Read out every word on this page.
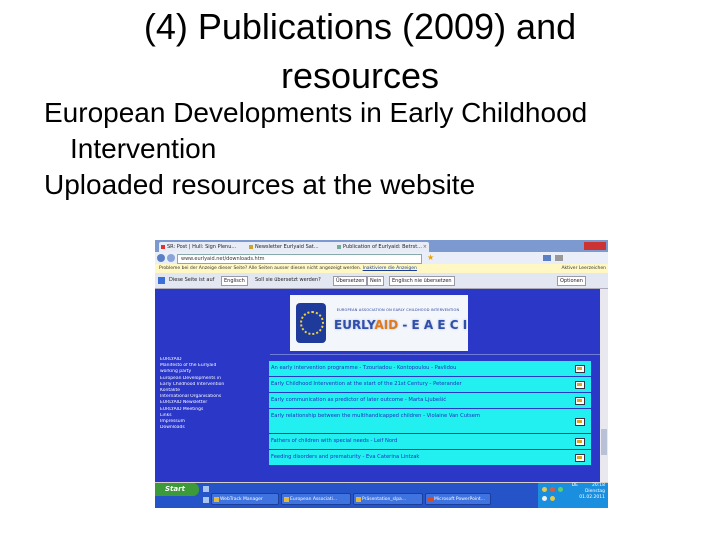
(4) Publications (2009) and resources

European Developments in Early Childhood

Intervention

Uploaded resources at the website

SR: Post | Hull: Sign Plenu...	Newsletter Eurlyaid Sat...	Publication of Eurlyaid: Betrst... ×
www.eurlyaid.net/downloads.htm	★
Probleme bei der Anzeige dieser Seite? Alle Seiten ausser diesen nicht angezeigt werden. Inaktiviere die Anzeigen	Aktiver Leerzeichen
Diese Seite ist auf	Englisch	Soll sie übersetzt werden?	Übersetzen	Nein	Englisch nie übersetzen	Optionen
EUROPEAN ASSOCIATION ON EARLY CHILDHOOD INTERVENTION
EURLYAID - E A E C I
EURLYAID
Manifesto of the Eurlyaid
working party
European Developments in
Early Childhood Intervention
Kontakte
International Organisations
EURLYAID Newsletter
EURLYAID Meetings
Links
Impressum
Downloads
An early intervention programme - Tzouriadou - Kontopoulou - Pavlidou
Early Childhood Intervention at the start of the 21st Century - Peterander
Early communication as predictor of later outcome - Marta Ljubešić
Early relationship between the multihandicapped children - Violaine Van Cutsem
Fathers of children with special needs - Leif Nord
Feeding disorders and prematurity - Eva Caterina Lintzak
Start
WebTrack Manager	European Associati...	Präsentation_slpa...	Microsoft PowerPoint...
DE	20:18
Dienstag
01.02.2011
